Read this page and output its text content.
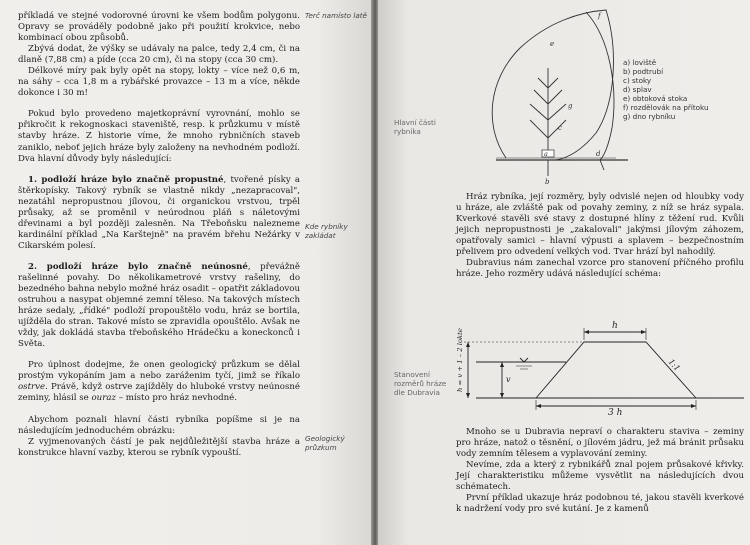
příkladá ve stejné vodorovné úrovni ke všem bodům polygonu. Opravy se prováděly podobně jako při použití krokvice, nebo kombinací obou způsobů.

Zbývá dodat, že výšky se udávaly na palce, tedy 2,4 cm, či na dlaně (7,88 cm) a píde (cca 20 cm), či na stopy (cca 30 cm).

Délkové míry pak byly opět na stopy, lokty – více než 0,6 m, na sáhy – cca 1,8 m a rybářské provazce – 13 m a více, někde dokonce i 30 m!

Pokud bylo provedeno majetkoprávní vyrovnání, mohlo se přikročit k rekognoskaci staveniště, resp. k průzkumu v místě stavby hráze. Z historie víme, že mnoho rybničních staveb zaniklo, neboť jejich hráze byly založeny na nevhodném podloží. Dva hlavní důvody byly následující:

1. podloží hráze bylo značně propustné, tvořené písky a štěrkopísky. Takový rybník se vlastně nikdy „nezapracoval", nezatáhl nepropustnou jílovou, či organickou vrstvou, trpěl průsaky, až se proměnil v neúrodnou pláň s náletovými dřevinami a byl později zalesněn. Na Třeboňsku nalezneme kardinální příklad „Na Karštejně" na pravém břehu Nežárky v Cikarském polesí.

2. podloží hráze bylo značně neúnosné, převážně rašelinné povahy. Do několikametrové vrstvy rašeliny, do bezedného bahna nebylo možné hráz osadit – opatřit základovou ostruhou a nasypat objemné zemní těleso. Na takových místech hráze sedaly, „řídké" podloží propouštělo vodu, hráz se bortila, ujížděla do stran. Takové místo se zpravidla opouštělo. Avšak ne vždy, jak dokládá stavba třeboňského Hrádečku a koneckonců i Světa.

Pro úplnost dodejme, že onen geologický průzkum se dělal prostým vykopáním jam a nebo zaráženim tyčí, jimž se říkalo ostrve. Právě, když ostrve zajížděly do hluboké vrstvy neúnosné zeminy, hlásil se ouraz – místo pro hráz nevhodné.

Abychom poznali hlavní části rybníka popíšme si je na následujícím jednoduchém obrázku:

Z vyjmenovaných částí je pak nejdůležitější stavba hráze a konstrukce hlavní vazby, kterou se rybník vypouští.

Terč namísto latě
Kde rybníky zakládat
Geologický průzkum
e
f
g
a
b
c
d
a) loviště
b) podtrubí
c) stoky
d) splav
e) obtoková stoka
f) rozdělovák na přítoku
g) dno rybníku
Hlavní části rybníka

Hráz rybníka, její rozměry, byly odvislé nejen od hloubky vody u hráze, ale zvláště pak od povahy zeminy, z níž se hráz sypala. Kverkové stavěli své stavy z dostupné hlíny z těžení rud. Kvůli jejich nepropustnosti je „zakalovali" jakýmsi jílovým záhozem, opatřovaly samici – hlavní výpusti a splavem – bezpečnostním přelivem pro odvedení velkých vod. Tvar hrází byl nahodilý.

Dubravius nám zanechal vzorce pro stanovení příčného profilu hráze. Jeho rozměry udává následující schéma:

h
1:1
3 h
v
h = v + 1 – 2 lokte
Stanovení rozměrů hráze dle Dubravia

Mnoho se u Dubravia nepraví o charakteru staviva – zeminy pro hráze, natož o těsnění, o jílovém jádru, jež má bránit průsaku vody zemním tělesem a vyplavování zeminy.

Nevíme, zda a který z rybnikářů znal pojem průsakové křivky. Její charakteristiku můžeme vysvětlit na následujících dvou schématech.

První příklad ukazuje hráz podobnou té, jakou stavěli kverkové k nadržení vody pro své kutání. Je z kamenů
